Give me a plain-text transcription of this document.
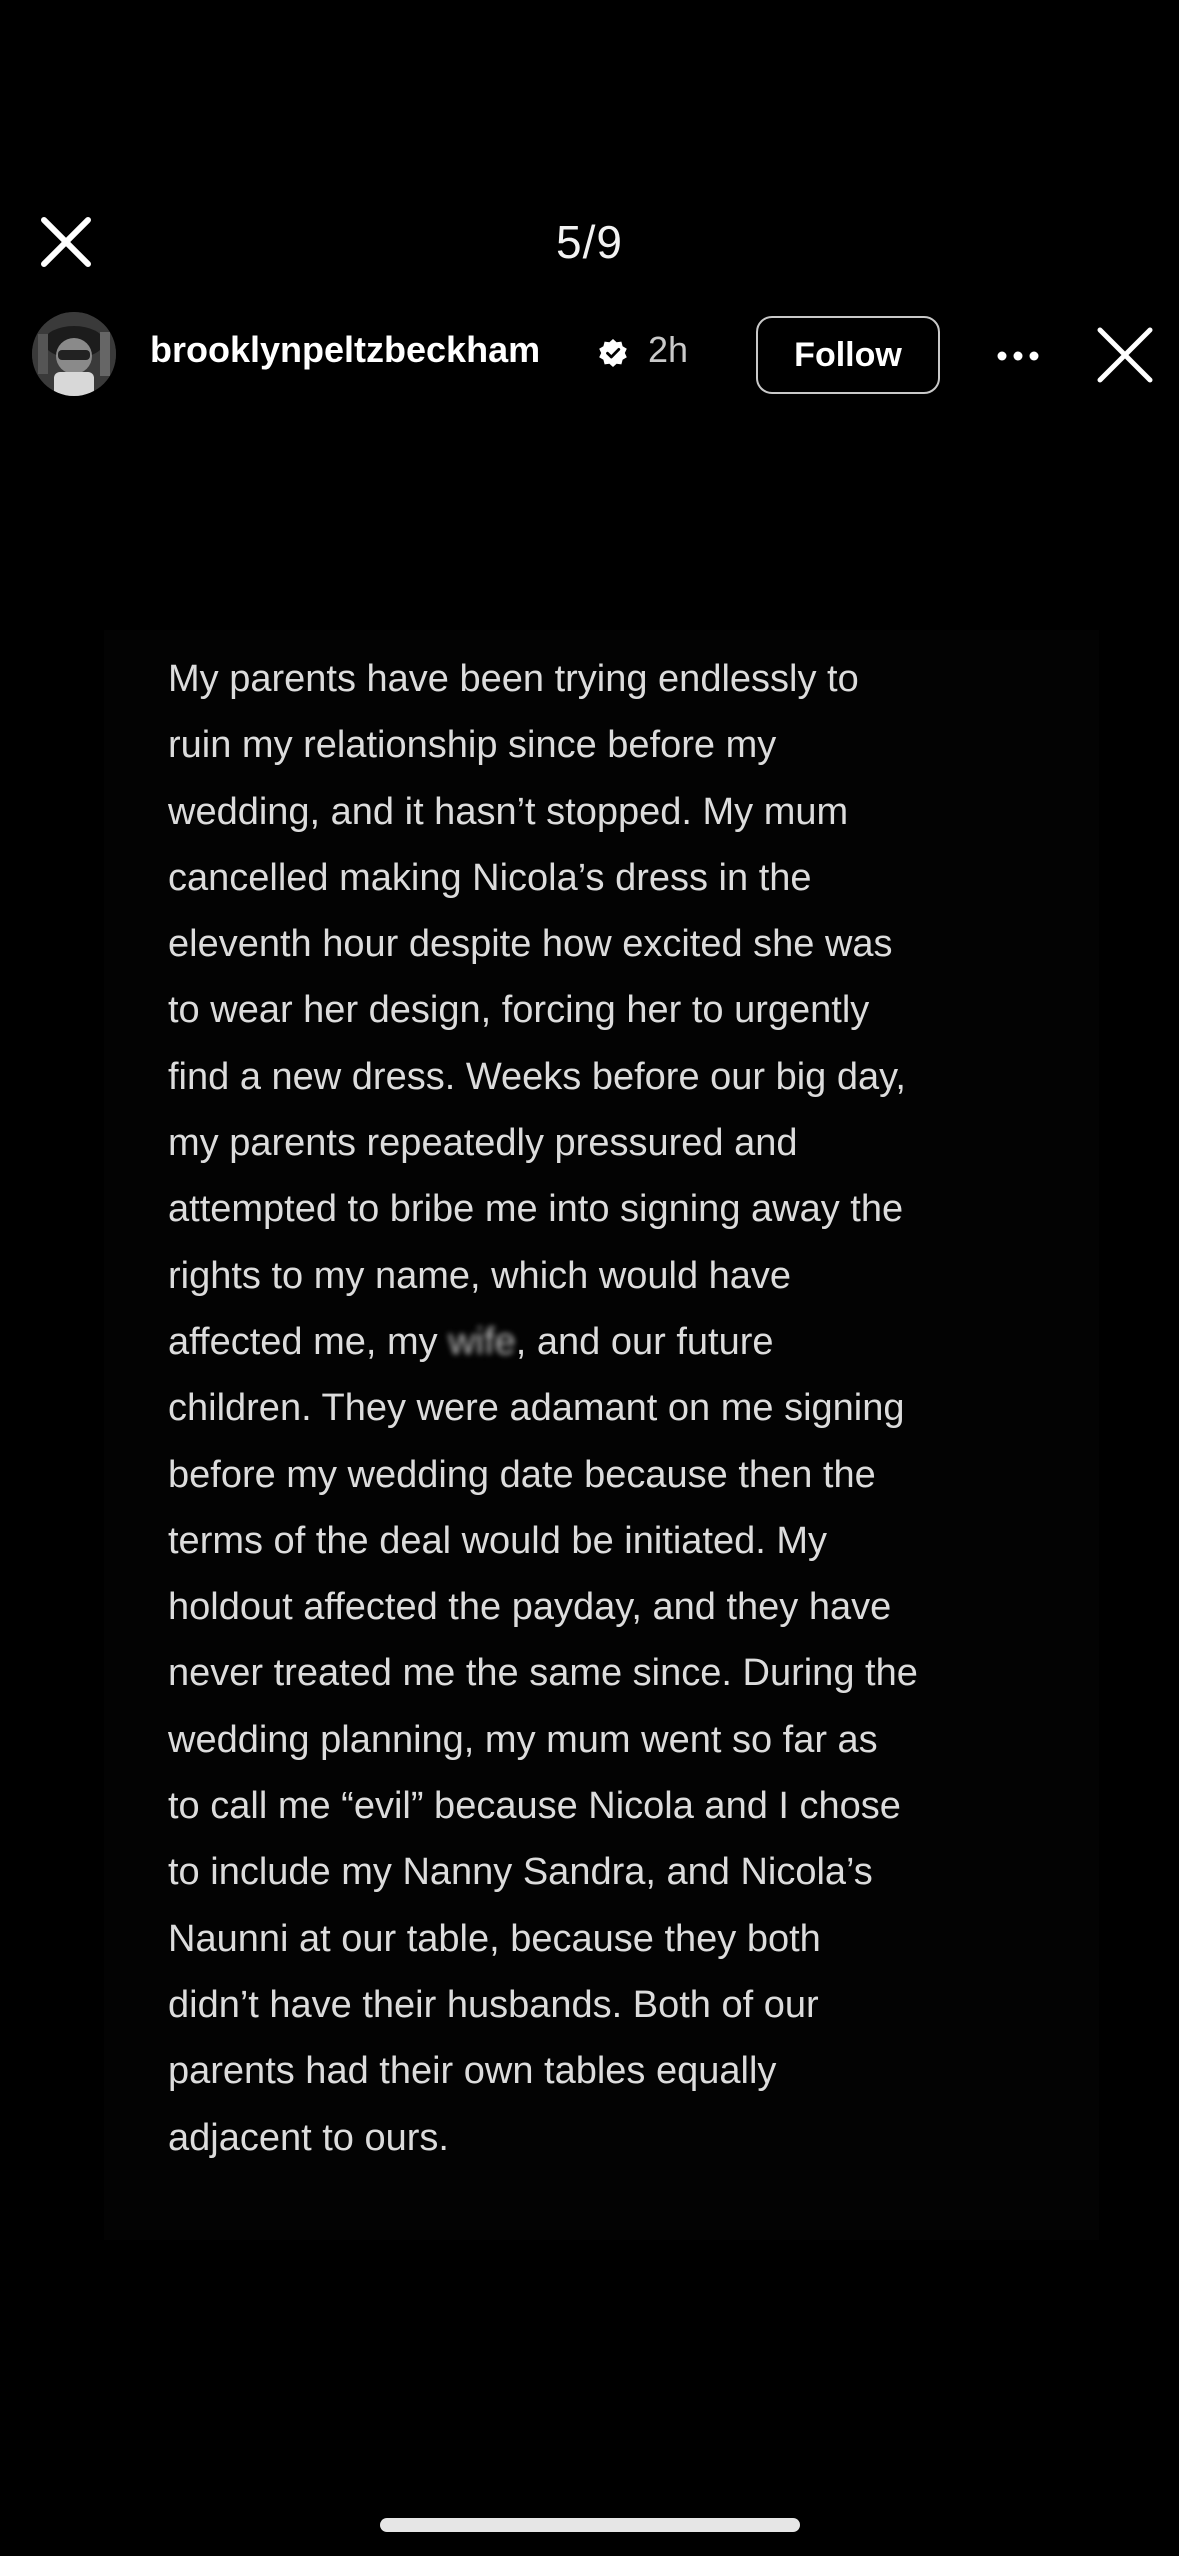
5/9
brooklynpeltzbeckham	2h	Follow

My parents have been trying endlessly to
ruin my relationship since before my
wedding, and it hasn’t stopped. My mum
cancelled making Nicola’s dress in the
eleventh hour despite how excited she was
to wear her design, forcing her to urgently
find a new dress. Weeks before our big day,
my parents repeatedly pressured and
attempted to bribe me into signing away the
rights to my name, which would have
affected me, my wife, and our future
children. They were adamant on me signing
before my wedding date because then the
terms of the deal would be initiated. My
holdout affected the payday, and they have
never treated me the same since. During the
wedding planning, my mum went so far as
to call me “evil” because Nicola and I chose
to include my Nanny Sandra, and Nicola’s
Naunni at our table, because they both
didn’t have their husbands. Both of our
parents had their own tables equally
adjacent to ours.
